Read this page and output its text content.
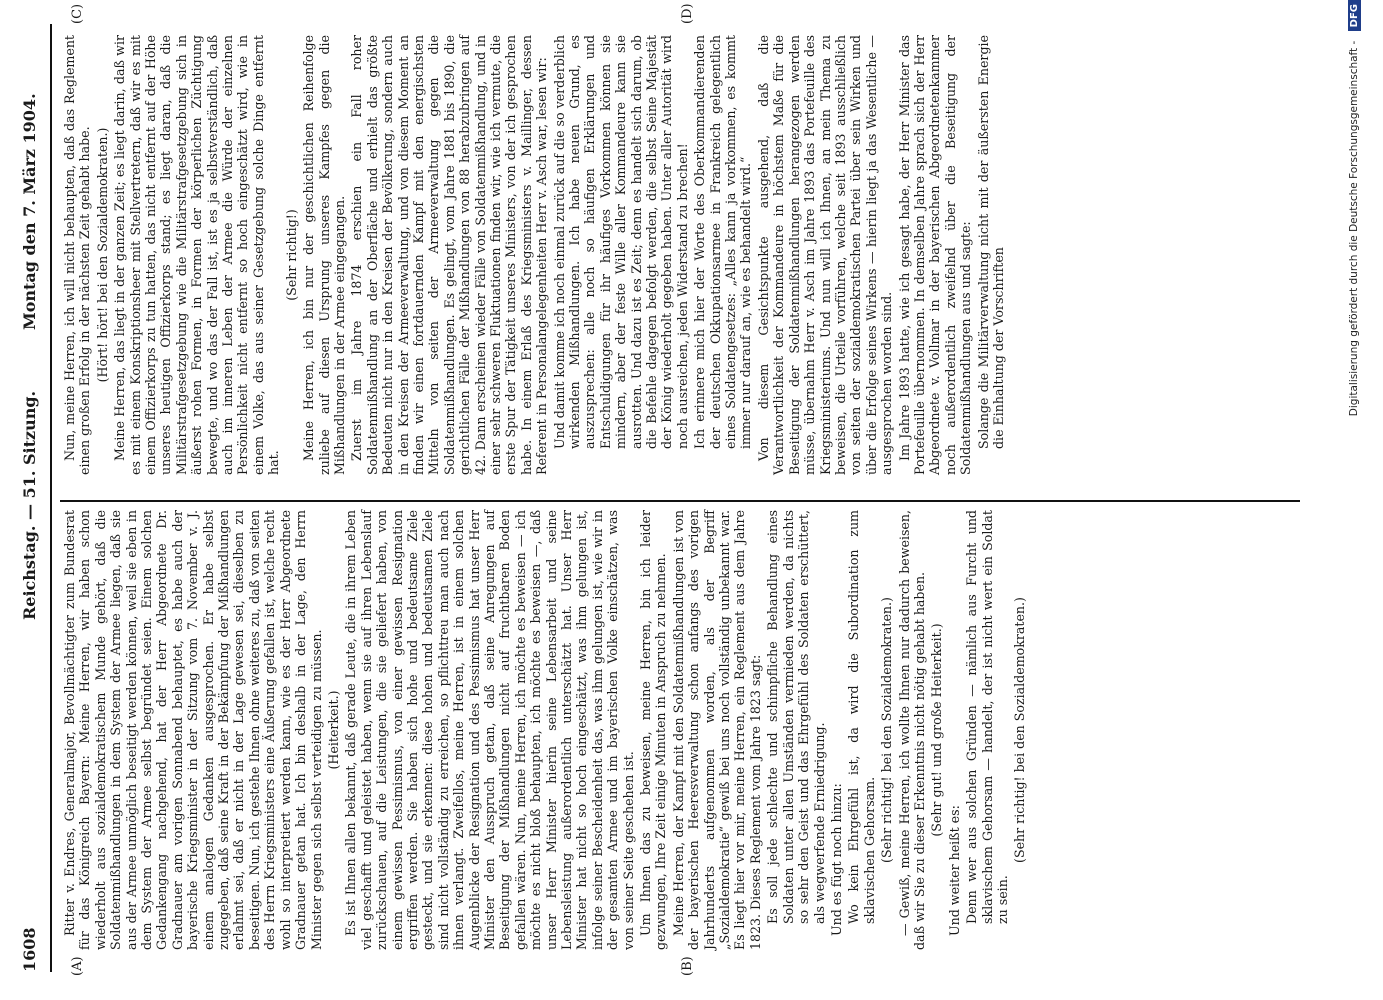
1608
Reichstag. — 51. Sitzung.
Montag den 7. März 1904.
(A)	(B)
(C)	(D)

Ritter v. Endres, Generalmajor, Bevollmächtigter zum Bundesrat für das Königreich Bayern: Meine Herren, wir haben schon wiederholt aus sozialdemokratischem Munde gehört, daß die Soldatenmißhandlungen in dem System der Armee liegen, daß sie aus der Armee unmöglich beseitigt werden können, weil sie eben in dem System der Armee selbst begründet seien. Einem solchen Gedankengang nachgehend, hat der Herr Abgeordnete Dr. Gradnauer am vorigen Sonnabend behauptet, es habe auch der bayerische Kriegsminister in der Sitzung vom 7. November v. J. einem analogen Gedanken ausgesprochen. Er habe selbst zugegeben, daß seine Kraft in der Bekämpfung der Mißhandlungen erlahmt sei, daß er nicht in der Lage gewesen sei, dieselben zu beseitigen. Nun, ich gestehe Ihnen ohne weiteres zu, daß von seiten des Herrn Kriegsministers eine Äußerung gefallen ist, welche recht wohl so interpretiert werden kann, wie es der Herr Abgeordnete Gradnauer getan hat. Ich bin deshalb in der Lage, den Herrn Minister gegen sich selbst verteidigen zu müssen. (Heiterkeit.) Es ist Ihnen allen bekannt, daß gerade Leute, die in ihrem Leben viel geschafft und geleistet haben, wenn sie auf ihren Lebenslauf zurückschauen, auf die Leistungen, die sie geliefert haben, von einem gewissen Pessimismus, von einer gewissen Resignation ergriffen werden. Sie haben sich hohe und bedeutsame Ziele gesteckt, und sie erkennen: diese hohen und bedeutsamen Ziele sind nicht vollständig zu erreichen, so pflichttreu man auch nach ihnen verlangt. Zweifellos, meine Herren, ist in einem solchen Augenblicke der Resignation und des Pessimismus hat unser Herr Minister den Ausspruch getan, daß seine Anregungen auf Beseitigung der Mißhandlungen nicht auf fruchtbaren Boden gefallen wären. Nun, meine Herren, ich möchte es beweisen — ich möchte es nicht bloß behaupten, ich möchte es beweisen —, daß unser Herr Minister hierin seine Lebensarbeit und seine Lebensleistung außerordentlich unterschätzt hat. Unser Herr Minister hat nicht so hoch eingeschätzt, was ihm gelungen ist, infolge seiner Bescheidenheit das, was ihm gelungen ist, wie wir in der gesamten Armee und im bayerischen Volke einschätzen, was von seiner Seite geschehen ist. Um Ihnen das zu beweisen, meine Herren, bin ich leider gezwungen, Ihre Zeit einige Minuten in Anspruch zu nehmen. Meine Herren, der Kampf mit den Soldatenmißhandlungen ist von der bayerischen Heeresverwaltung schon anfangs des vorigen Jahrhunderts aufgenommen worden, als der Begriff „Sozialdemokratie“ gewiß bei uns noch vollständig unbekannt war. Es liegt hier vor mir, meine Herren, ein Reglement aus dem Jahre 1823. Dieses Reglement vom Jahre 1823 sagt: Es soll jede schlechte und schimpfliche Behandlung eines Soldaten unter allen Umständen vermieden werden, da nichts so sehr den Geist und das Ehrgefühl des Soldaten erschüttert, als wegwerfende Erniedrigung. Und es fügt noch hinzu: Wo kein Ehrgefühl ist, da wird die Subordination zum sklavischen Gehorsam. (Sehr richtig! bei den Sozialdemokraten.) — Gewiß, meine Herren, ich wollte Ihnen nur dadurch beweisen, daß wir Sie zu dieser Erkenntnis nicht nötig gehabt haben. (Sehr gut! und große Heiterkeit.)

Und weiter heißt es: Denn wer aus solchen Gründen — nämlich aus Furcht und sklavischem Gehorsam — handelt, der ist nicht wert ein Soldat zu sein.

(Sehr richtig! bei den Sozialdemokraten.)

Nun, meine Herren, ich will nicht behaupten, daß das Reglement einen großen Erfolg in der nächsten Zeit gehabt habe. (Hört! hört! bei den Sozialdemokraten.) Meine Herren, das liegt in der ganzen Zeit; es liegt darin, daß wir es mit einem Konskriptionsheer mit Stellvertretern, daß wir es mit einem Offizierkorps zu tun hatten, das nicht entfernt auf der Höhe unseres heutigen Offizierkorps stand; es liegt daran, daß die Militärstrafgesetzgebung wie die Militärstrafgesetzgebung sich in äußerst rohen Formen, in Formen der körperlichen Züchtigung bewegte, und wo das der Fall ist, ist es ja selbstverständlich, daß auch im inneren Leben der Armee die Würde der einzelnen Persönlichkeit nicht entfernt so hoch eingeschätzt wird, wie in einem Volke, das aus seiner Gesetzgebung solche Dinge entfernt hat.

(Sehr richtig!) Meine Herren, ich bin nur der geschichtlichen Reihenfolge zuliebe auf diesen Ursprung unseres Kampfes gegen die Mißhandlungen in der Armee eingegangen. Zuerst im Jahre 1874 erschien ein Fall roher Soldatenmißhandlung an der Oberfläche und erhielt das größte Bedeuten nicht nur in den Kreisen der Bevölkerung, sondern auch in den Kreisen der Armeeverwaltung, und von diesem Moment an finden wir einen fortdauernden Kampf mit den energischsten Mitteln von seiten der Armeeverwaltung gegen die Soldatenmißhandlungen. Es gelingt, vom Jahre 1881 bis 1890, die gerichtlichen Fälle der Mißhandlungen von 88 herabzubringen auf 42. Dann erscheinen wieder Fälle von Soldatenmißhandlung, und in einer sehr schweren Fluktuationen finden wir, wie ich vermute, die erste Spur der Tätigkeit unseres Ministers, von der ich gesprochen habe. In einem Erlaß des Kriegsministers v. Maillinger, dessen Referent in Personalangelegenheiten Herr v. Asch war, lesen wir: Und damit komme ich noch einmal zurück auf die so verderblich wirkenden Mißhandlungen. Ich habe neuen Grund, es auszusprechen: alle noch so häufigen Erklärungen und Entschuldigungen für ihr häufiges Vorkommen können sie mindern, aber der feste Wille aller Kommandeure kann sie ausrotten. Und dazu ist es Zeit; denn es handelt sich darum, ob die Befehle dagegen befolgt werden, die selbst Seine Majestät der König wiederholt gegeben haben. Unter aller Autorität wird noch ausreichen, jeden Widerstand zu brechen! Ich erinnere mich hier der Worte des Oberkommandierenden der deutschen Okkupationsarmee in Frankreich gelegentlich eines Soldatengesetzes: „Alles kann ja vorkommen, es kommt immer nur darauf an, wie es behandelt wird.“ Von diesem Gesichtspunkte ausgehend, daß die Verantwortlichkeit der Kommandeure in höchstem Maße für die Beseitigung der Soldatenmißhandlungen herangezogen werden müsse, übernahm Herr v. Asch im Jahre 1893 das Portefeuille des Kriegsministeriums. Und nun will ich Ihnen, an mein Thema zu beweisen, die Urteile vorführen, welche seit 1893 ausschließlich von seiten der sozialdemokratischen Partei über sein Wirken und über die Erfolge seines Wirkens — hierin liegt ja das Wesentliche — ausgesprochen worden sind. Im Jahre 1893 hatte, wie ich gesagt habe, der Herr Minister das Portefeuille übernommen. In demselben Jahre sprach sich der Herr Abgeordnete v. Vollmar in der bayerischen Abgeordnetenkammer noch außerordentlich zweifelnd über die Beseitigung der Soldatenmißhandlungen aus und sagte: Solange die Militärverwaltung nicht mit der äußersten Energie die Einhaltung der Vorschriften	Digitalisierung gefördert durch die Deutsche Forschungsgemeinschaft - DFG
